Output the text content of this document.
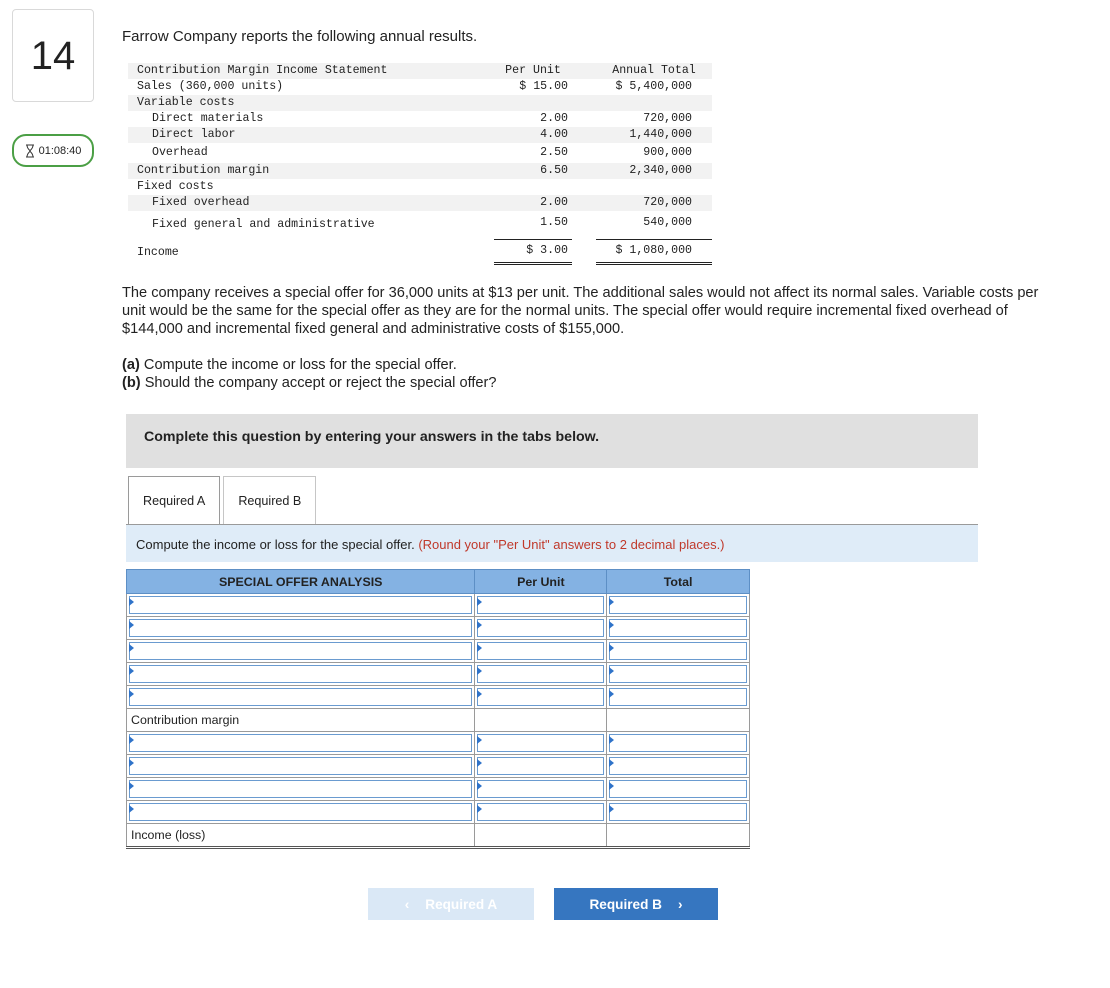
14
01:08:40
Farrow Company reports the following annual results.
Contribution Margin Income Statement	Per Unit	Annual Total
Sales (360,000 units)	$ 15.00	$ 5,400,000
Variable costs
Direct materials	2.00	720,000
Direct labor	4.00	1,440,000
Overhead	2.50	900,000
Contribution margin	6.50	2,340,000
Fixed costs
Fixed overhead	2.00	720,000
Fixed general and administrative	1.50	540,000
Income	$ 3.00	$ 1,080,000
The company receives a special offer for 36,000 units at $13 per unit. The additional sales would not affect its normal sales. Variable costs per unit would be the same for the special offer as they are for the normal units. The special offer would require incremental fixed overhead of $144,000 and incremental fixed general and administrative costs of $155,000.
(a) Compute the income or loss for the special offer.
(b) Should the company accept or reject the special offer?
Complete this question by entering your answers in the tabs below.
Required A	Required B
Compute the income or loss for the special offer. (Round your "Per Unit" answers to 2 decimal places.)
SPECIAL OFFER ANALYSIS	Per Unit	Total

Contribution margin		

Income (loss)		
‹ Required A	Required B ›
